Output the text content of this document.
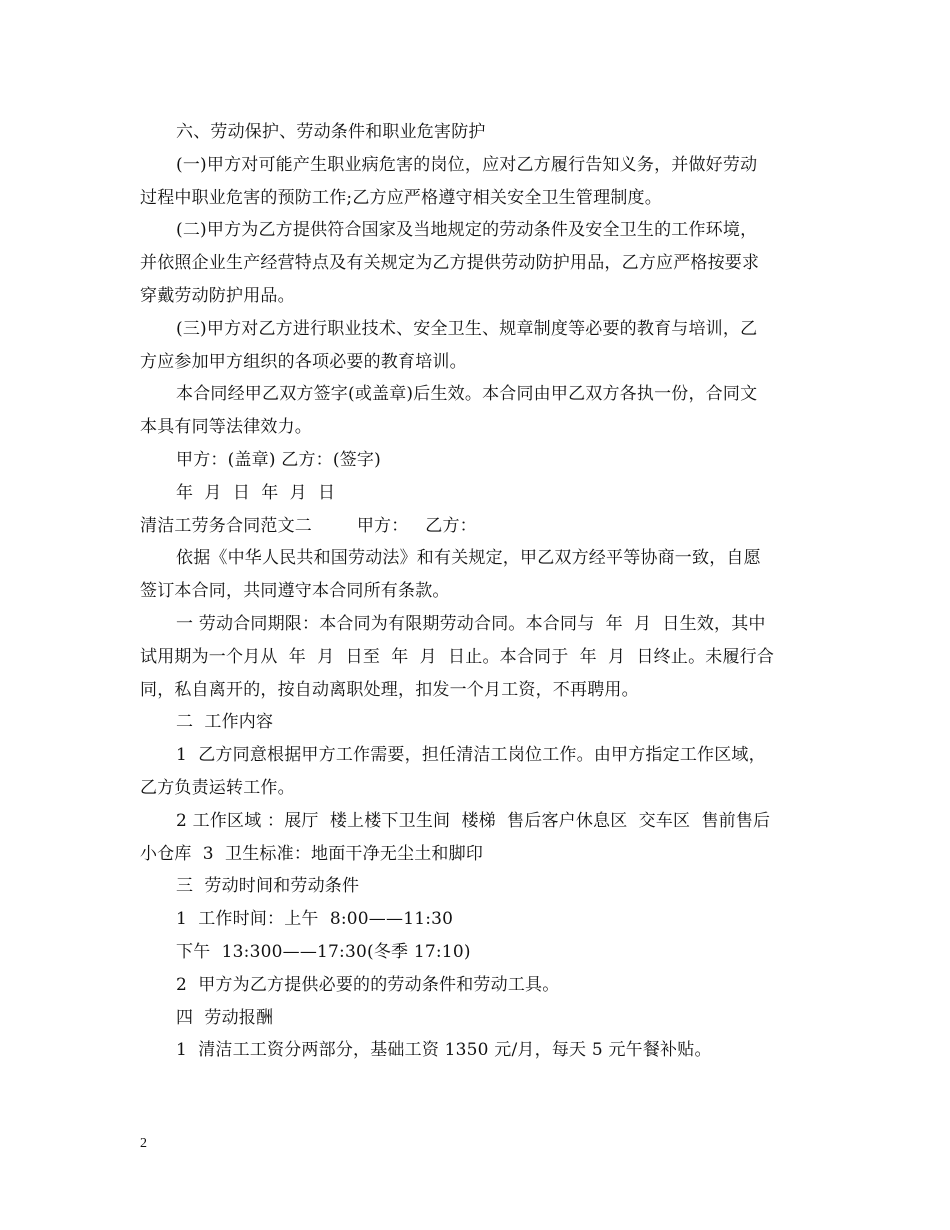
六、劳动保护、劳动条件和职业危害防护
(一)甲方对可能产生职业病危害的岗位，应对乙方履行告知义务，并做好劳动
过程中职业危害的预防工作;乙方应严格遵守相关安全卫生管理制度。
(二)甲方为乙方提供符合国家及当地规定的劳动条件及安全卫生的工作环境，
并依照企业生产经营特点及有关规定为乙方提供劳动防护用品，乙方应严格按要求
穿戴劳动防护用品。
(三)甲方对乙方进行职业技术、安全卫生、规章制度等必要的教育与培训，乙
方应参加甲方组织的各项必要的教育培训。
本合同经甲乙双方签字(或盖章)后生效。本合同由甲乙双方各执一份，合同文
本具有同等法律效力。
甲方：(盖章) 乙方：(签字)
年  月  日  年  月  日
清洁工劳务合同范文二        甲方：   乙方：
依据《中华人民共和国劳动法》和有关规定，甲乙双方经平等协商一致，自愿
签订本合同，共同遵守本合同所有条款。
一 劳动合同期限：本合同为有限期劳动合同。本合同与  年  月  日生效，其中
试用期为一个月从  年  月  日至  年  月  日止。本合同于  年  月  日终止。未履行合
同，私自离开的，按自动离职处理，扣发一个月工资，不再聘用。
二  工作内容
1  乙方同意根据甲方工作需要，担任清洁工岗位工作。由甲方指定工作区域，
乙方负责运转工作。
2 工作区域 ：展厅  楼上楼下卫生间  楼梯  售后客户休息区  交车区  售前售后
小仓库  3  卫生标准：地面干净无尘土和脚印
三  劳动时间和劳动条件
1  工作时间：上午  8:00——11:30
下午  13:300——17:30(冬季 17:10)
2  甲方为乙方提供必要的的劳动条件和劳动工具。
四  劳动报酬
1  清洁工工资分两部分，基础工资 1350 元/月，每天 5 元午餐补贴。
2
